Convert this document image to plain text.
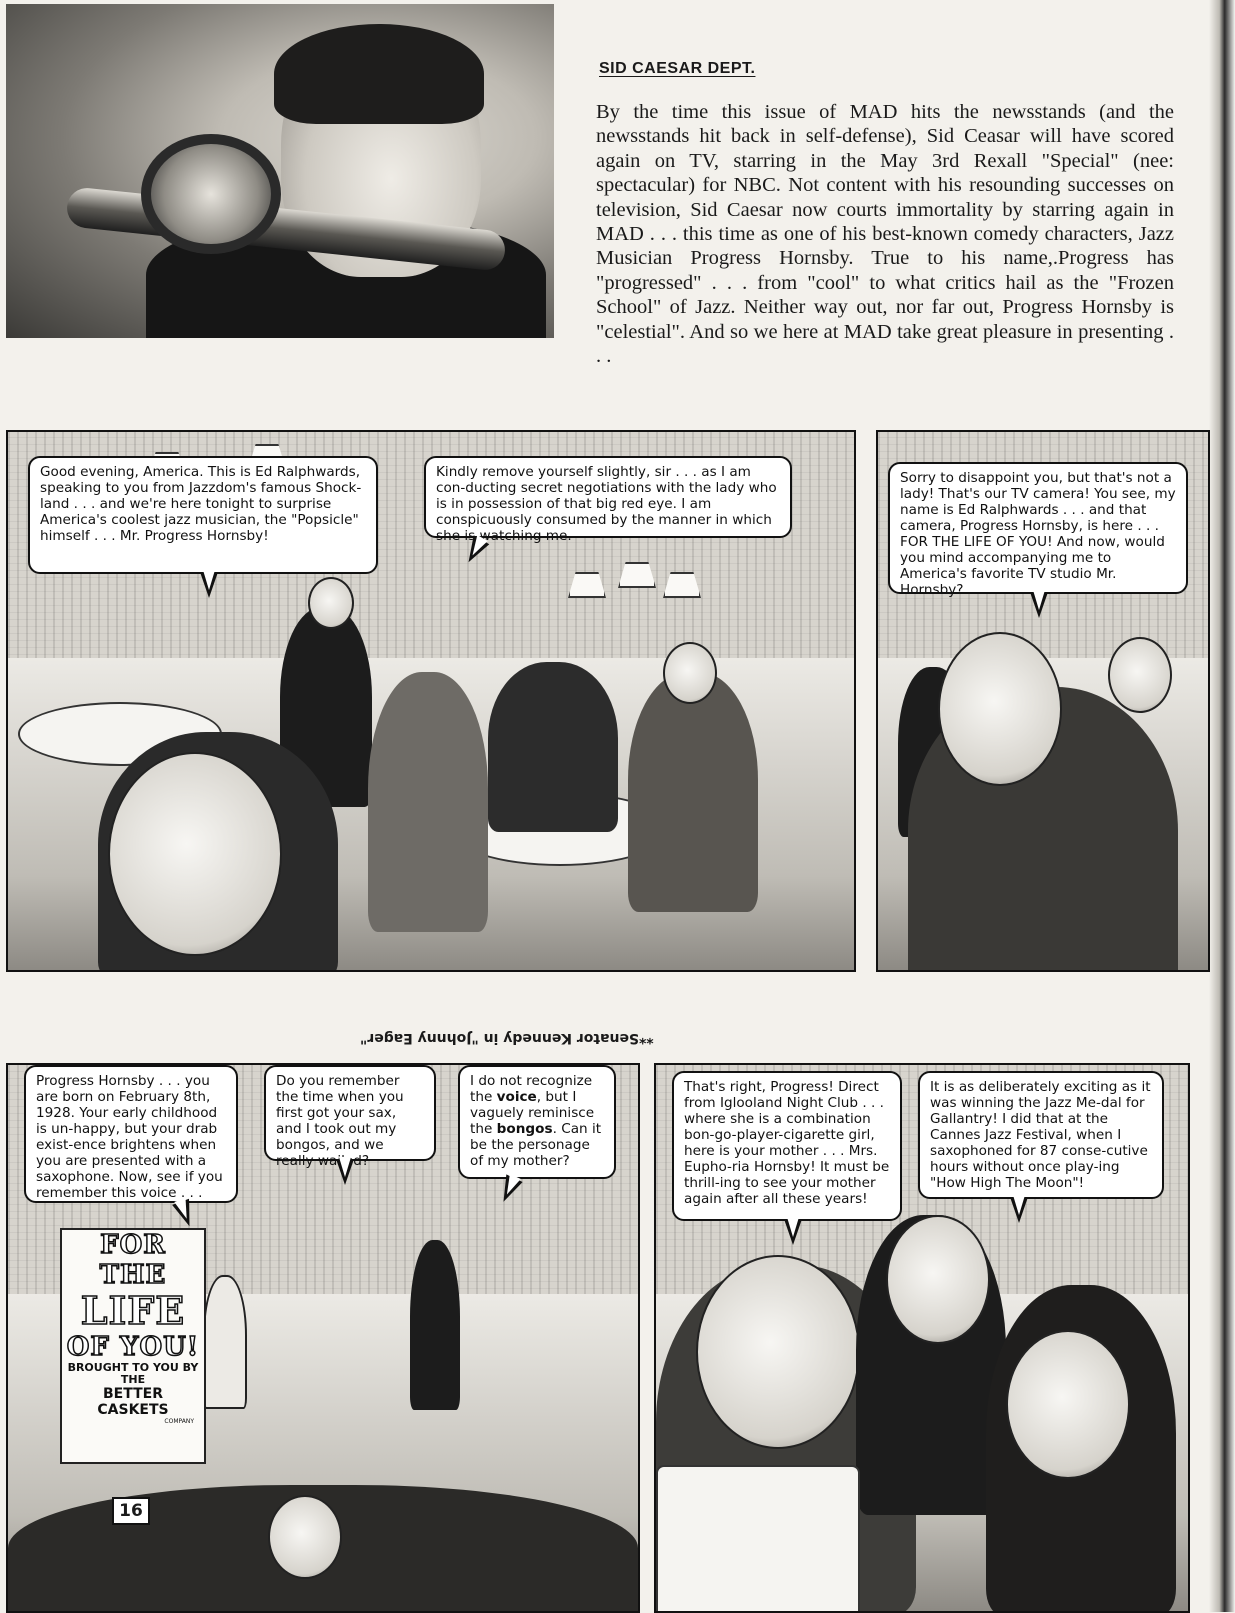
SID CAESAR DEPT.

By the time this issue of MAD hits the newsstands (and the newsstands hit back in self-defense), Sid Ceasar will have scored again on TV, starring in the May 3rd Rexall "Special" (nee: spectacular) for NBC. Not content with his resounding successes on television, Sid Caesar now courts immortality by starring again in MAD . . . this time as one of his best-known comedy characters, Jazz Musician Progress Hornsby. True to his name,.Progress has "progressed" . . . from "cool" to what critics hail as the "Frozen School" of Jazz. Neither way out, nor far out, Progress Hornsby is "celestial". And so we here at MAD take great pleasure in presenting . . .

Good evening, America. This is Ed Ralphwards, speaking to you from Jazzdom's famous Shock-land . . . and we're here tonight to surprise America's coolest jazz musician, the "Popsicle" himself . . . Mr. Progress Hornsby!
Kindly remove yourself slightly, sir . . . as I am con-ducting secret negotiations with the lady who is in possession of that big red eye. I am conspicuously consumed by the manner in which she is watching me.
Sorry to disappoint you, but that's not a lady! That's our TV camera! You see, my name is Ed Ralphwards . . . and that camera, Progress Hornsby, is here . . . FOR THE LIFE OF YOU! And now, would you mind accompanying me to America's favorite TV studio Mr. Hornsby?
**Senator Kennedy in "Johnny Eager"
FOR THE
LIFE
OF YOU!
BROUGHT TO YOU BY THE
BETTER
CASKETS
COMPANY
Progress Hornsby . . . you are born on February 8th, 1928. Your early childhood is un-happy, but your drab exist-ence brightens when you are presented with a saxophone. Now, see if you remember this voice . . .
Do you remember the time when you first got your sax, and I took out my bongos, and we really wailed?
I do not recognize the voice, but I vaguely reminisce the bongos. Can it be the personage of my mother?
16
That's right, Progress! Direct from Iglooland Night Club . . . where she is a combination bon-go-player-cigarette girl, here is your mother . . . Mrs. Eupho-ria Hornsby! It must be thrill-ing to see your mother again after all these years!
It is as deliberately exciting as it was winning the Jazz Me-dal for Gallantry! I did that at the Cannes Jazz Festival, when I saxophoned for 87 conse-cutive hours without once play-ing "How High The Moon"!
